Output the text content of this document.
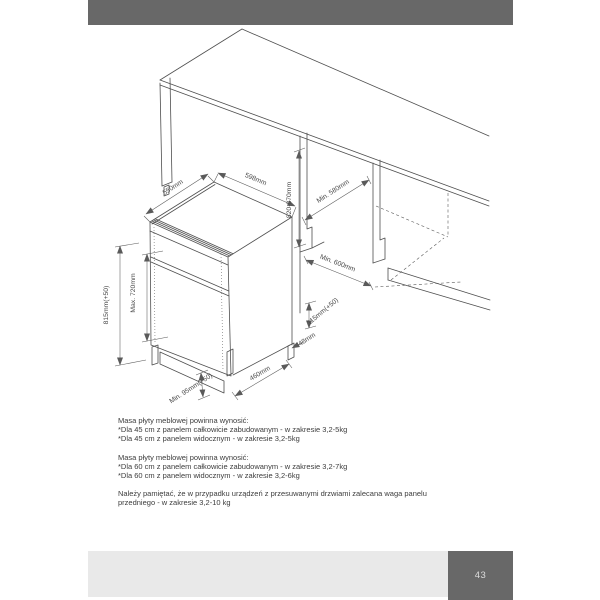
550mm	598mm
815mm(+50)	Max. 720mm
820-870mm	Min. 580mm
Min. 600mm
115mm(+50)
48mm
Min. 95mm(+50)	460mm
Masa płyty meblowej powinna wynosić:
*Dla 45 cm z panelem całkowicie zabudowanym - w zakresie 3,2-5kg
*Dla 45 cm z panelem widocznym - w zakresie 3,2-5kg
Masa płyty meblowej powinna wynosić:
*Dla 60 cm z panelem całkowicie zabudowanym - w zakresie 3,2-7kg
*Dla 60 cm z panelem widocznym - w zakresie 3,2-6kg
Należy pamiętać, że w przypadku urządzeń z przesuwanymi drzwiami zalecana waga panelu
przedniego - w zakresie 3,2-10 kg
43
